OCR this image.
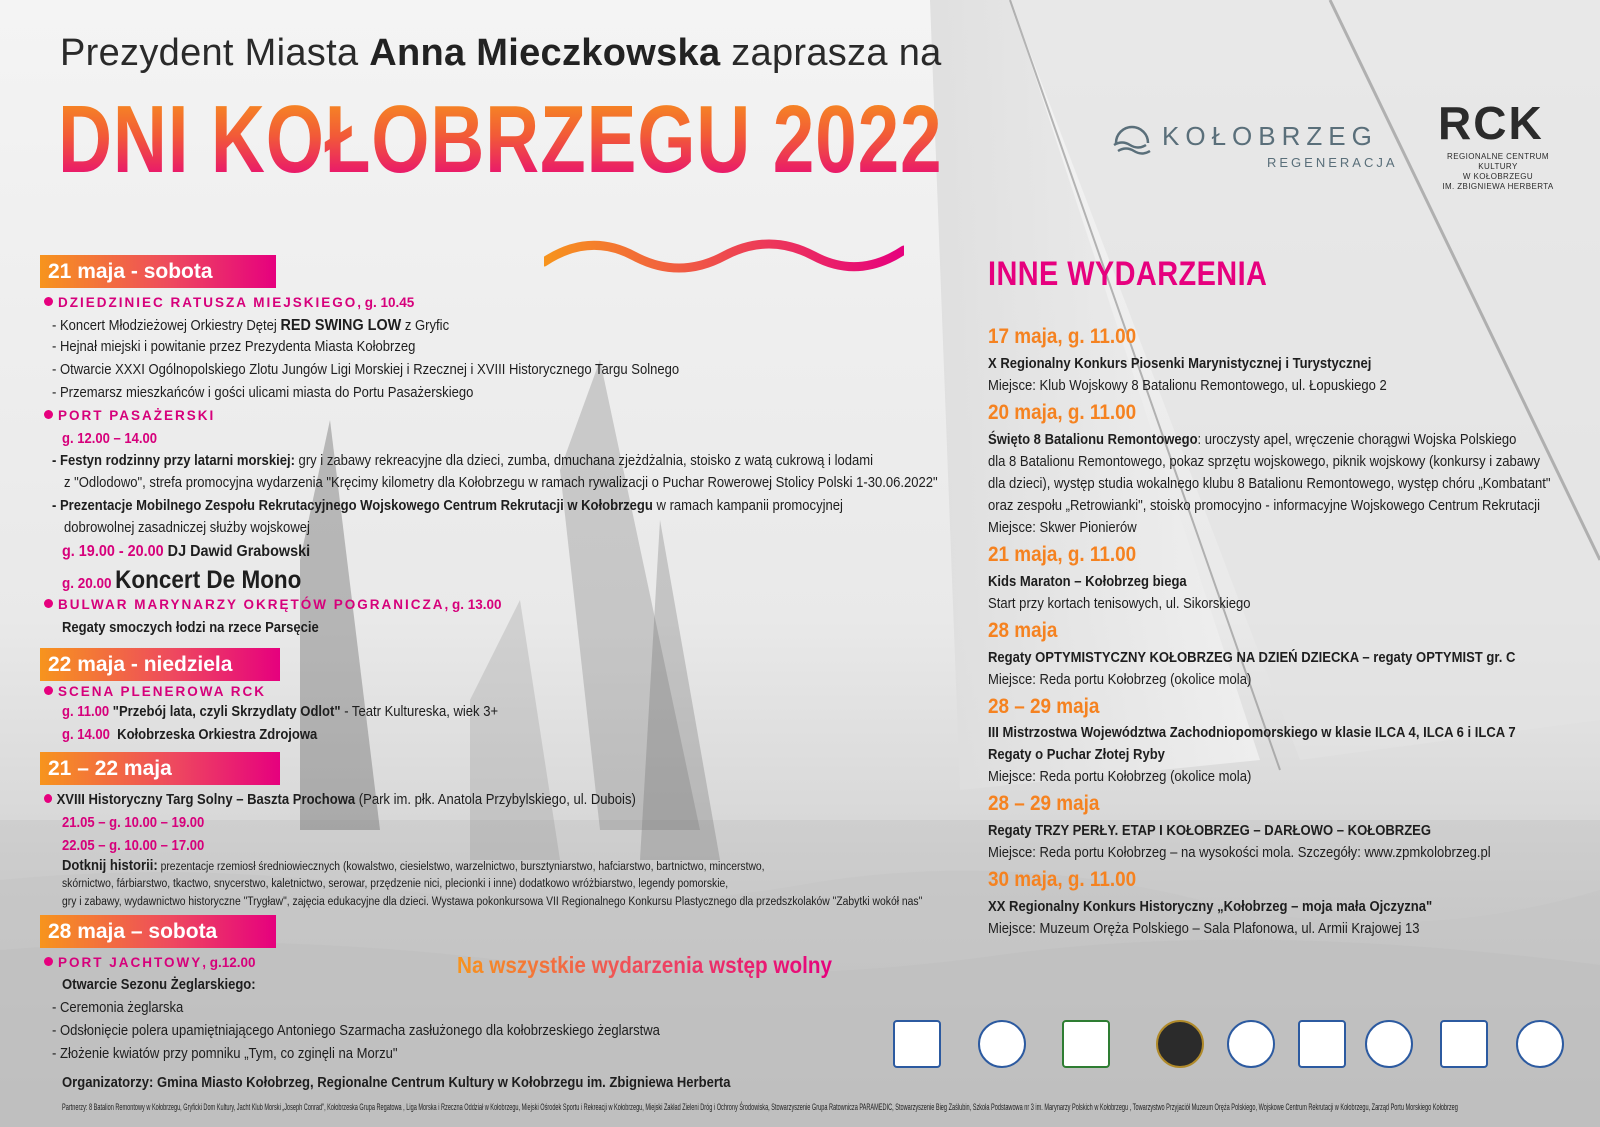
Prezydent Miasta Anna Mieczkowska zaprasza na
DNI KOŁOBRZEGU 2022	KOŁOBRZEG
REGENERACJA
RCK
REGIONALNE CENTRUM KULTURY
W KOŁOBRZEGU
IM. ZBIGNIEWA HERBERTA
21 maja - sobota
DZIEDZINIEC RATUSZA MIEJSKIEGO, g. 10.45
- Koncert Młodzieżowej Orkiestry Dętej RED SWING LOW z Gryfic
- Hejnał miejski i powitanie przez Prezydenta Miasta Kołobrzeg
- Otwarcie XXXI Ogólnopolskiego Zlotu Jungów Ligi Morskiej i Rzecznej i XVIII Historycznego Targu Solnego
- Przemarsz mieszkańców i gości ulicami miasta do Portu Pasażerskiego
PORT PASAŻERSKI
g. 12.00 – 14.00
- Festyn rodzinny przy latarni morskiej: gry i zabawy rekreacyjne dla dzieci, zumba, dmuchana zjeżdżalnia, stoisko z watą cukrową i lodami
z "Odlodowo", strefa promocyjna wydarzenia "Kręcimy kilometry dla Kołobrzegu w ramach rywalizacji o Puchar Rowerowej Stolicy Polski 1-30.06.2022"
- Prezentacje Mobilnego Zespołu Rekrutacyjnego Wojskowego Centrum Rekrutacji w Kołobrzegu w ramach kampanii promocyjnej
dobrowolnej zasadniczej służby wojskowej
g. 19.00 - 20.00 DJ Dawid Grabowski
g. 20.00 Koncert De Mono
BULWAR MARYNARZY OKRĘTÓW POGRANICZA, g. 13.00
Regaty smoczych łodzi na rzece Parsęcie
22 maja - niedziela
SCENA PLENEROWA RCK
g. 11.00 "Przebój lata, czyli Skrzydlaty Odlot" - Teatr Kultureska, wiek 3+
g. 14.00 Kołobrzeska Orkiestra Zdrojowa
21 – 22 maja
XVIII Historyczny Targ Solny – Baszta Prochowa (Park im. płk. Anatola Przybylskiego, ul. Dubois)
21.05 – g. 10.00 – 19.00
22.05 – g. 10.00 – 17.00
Dotknij historii: prezentacje rzemiosł średniowiecznych (kowalstwo, ciesielstwo, warzelnictwo, bursztyniarstwo, hafciarstwo, bartnictwo, mincerstwo,
skórnictwo, fárbiarstwo, tkactwo, snycerstwo, kaletnictwo, serowar, przędzenie nici, plecionki i inne) dodatkowo wróżbiarstwo, legendy pomorskie,
gry i zabawy, wydawnictwo historyczne "Trygław", zajęcia edukacyjne dla dzieci. Wystawa pokonkursowa VII Regionalnego Konkursu Plastycznego dla przedszkolaków "Zabytki wokół nas"
28 maja – sobota
PORT JACHTOWY, g.12.00
Otwarcie Sezonu Żeglarskiego:
- Ceremonia żeglarska
- Odsłonięcie polera upamiętniającego Antoniego Szarmacha zasłużonego dla kołobrzeskiego żeglarstwa
- Złożenie kwiatów przy pomniku „Tym, co zginęli na Morzu"
Organizatorzy: Gmina Miasto Kołobrzeg, Regionalne Centrum Kultury w Kołobrzegu im. Zbigniewa Herberta
Partnerzy: 8 Batalion Remontowy w Kołobrzegu, Gryficki Dom Kultury, Jacht Klub Morski „Joseph Conrad", Kołobrzeska Grupa Regatowa , Liga Morska i Rzeczna Oddział w Kołobrzegu, Miejski Ośrodek Sportu i Rekreacji w Kołobrzegu, Miejski Zakład Zieleni Dróg i Ochrony Środowiska, Stowarzyszenie Grupa Ratownicza PARAMEDIC, Stowarzyszenie Bieg Zaślubin, Szkoła Podstawowa nr 3 im. Marynarzy Polskich w Kołobrzegu , Towarzystwo Przyjaciół Muzeum Oręża Polskiego, Wojskowe Centrum Rekrutacji w Kołobrzegu, Zarząd Portu Morskiego Kołobrzeg
Na wszystkie wydarzenia wstęp wolny
INNE WYDARZENIA
17 maja, g. 11.00
X Regionalny Konkurs Piosenki Marynistycznej i Turystycznej
Miejsce: Klub Wojskowy 8 Batalionu Remontowego, ul. Łopuskiego 2
20 maja, g. 11.00
Święto 8 Batalionu Remontowego: uroczysty apel, wręczenie chorągwi Wojska Polskiego
dla 8 Batalionu Remontowego, pokaz sprzętu wojskowego, piknik wojskowy (konkursy i zabawy
dla dzieci), występ studia wokalnego klubu 8 Batalionu Remontowego, występ chóru „Kombatant"
oraz zespołu „Retrowianki", stoisko promocyjno - informacyjne Wojskowego Centrum Rekrutacji
Miejsce: Skwer Pionierów
21 maja, g. 11.00
Kids Maraton – Kołobrzeg biega
Start przy kortach tenisowych, ul. Sikorskiego
28 maja
Regaty OPTYMISTYCZNY KOŁOBRZEG NA DZIEŃ DZIECKA – regaty OPTYMIST gr. C
Miejsce: Reda portu Kołobrzeg (okolice mola)
28 – 29 maja
III Mistrzostwa Województwa Zachodniopomorskiego w klasie ILCA 4, ILCA 6 i ILCA 7
Regaty o Puchar Złotej Ryby
Miejsce: Reda portu Kołobrzeg (okolice mola)
28 – 29 maja
Regaty TRZY PERŁY. ETAP I KOŁOBRZEG – DARŁOWO – KOŁOBRZEG
Miejsce: Reda portu Kołobrzeg – na wysokości mola. Szczegóły: www.zpmkolobrzeg.pl
30 maja, g. 11.00
XX Regionalny Konkurs Historyczny „Kołobrzeg – moja mała Ojczyzna"
Miejsce: Muzeum Oręża Polskiego – Sala Plafonowa, ul. Armii Krajowej 13
